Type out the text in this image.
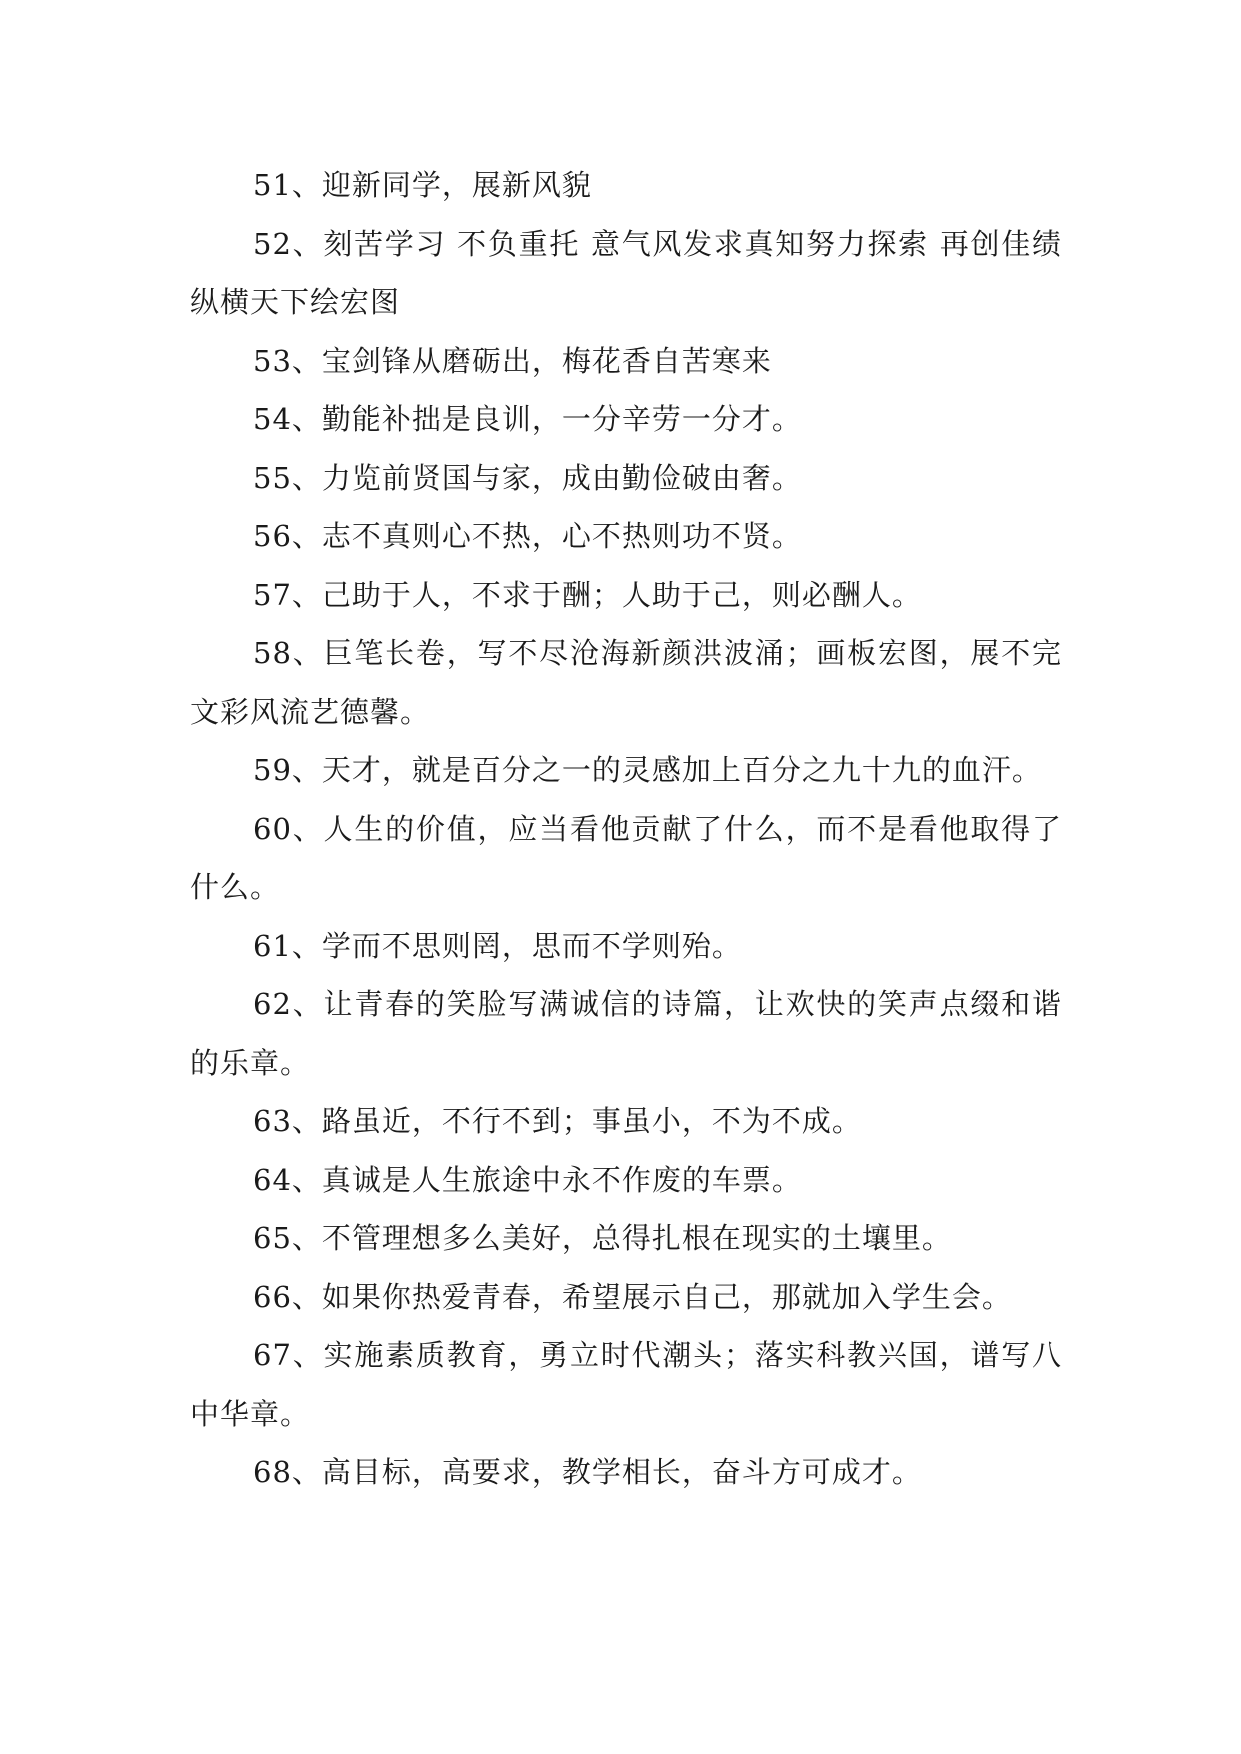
51、迎新同学，展新风貌

52、刻苦学习 不负重托 意气风发求真知努力探索 再创佳绩 纵横天下绘宏图

53、宝剑锋从磨砺出，梅花香自苦寒来

54、勤能补拙是良训，一分辛劳一分才。

55、力览前贤国与家，成由勤俭破由奢。

56、志不真则心不热，心不热则功不贤。

57、己助于人，不求于酬；人助于己，则必酬人。

58、巨笔长卷，写不尽沧海新颜洪波涌；画板宏图，展不完文彩风流艺德馨。

59、天才，就是百分之一的灵感加上百分之九十九的血汗。

60、人生的价值，应当看他贡献了什么，而不是看他取得了什么。

61、学而不思则罔，思而不学则殆。

62、让青春的笑脸写满诚信的诗篇，让欢快的笑声点缀和谐的乐章。

63、路虽近，不行不到；事虽小，不为不成。

64、真诚是人生旅途中永不作废的车票。

65、不管理想多么美好，总得扎根在现实的土壤里。

66、如果你热爱青春，希望展示自己，那就加入学生会。

67、实施素质教育，勇立时代潮头；落实科教兴国，谱写八中华章。

68、高目标，高要求，教学相长，奋斗方可成才。
